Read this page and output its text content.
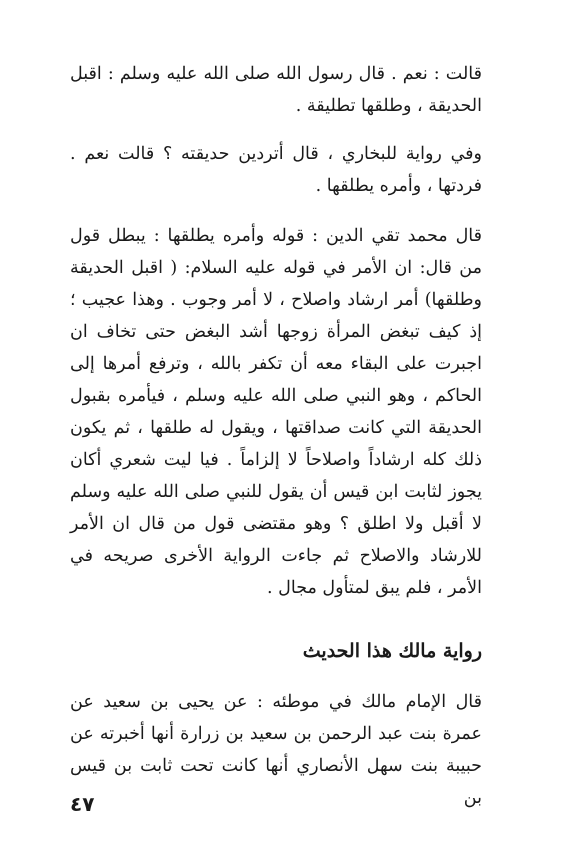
قالت : نعم . قال رسول الله صلى الله عليه وسلم : اقبل الحديقة ، وطلقها تطليقة .

وفي رواية للبخاري ، قال أتردين حديقته ؟ قالت نعم . فردتها ، وأمره يطلقها .

قال محمد تقي الدين : قوله وأمره يطلقها : يبطل قول من قال: ان الأمر في قوله عليه السلام: ( اقبل الحديقة وطلقها) أمر ارشاد واصلاح ، لا أمر وجوب . وهذا عجيب ؛ إذ كيف تبغض المرأة زوجها أشد البغض حتى تخاف ان اجبرت على البقاء معه أن تكفر بالله ، وترفع أمرها إلى الحاكم ، وهو النبي صلى الله عليه وسلم ، فيأمره بقبول الحديقة التي كانت صداقتها ، ويقول له طلقها ، ثم يكون ذلك كله ارشاداً واصلاحاً لا إلزاماً . فيا ليت شعري أكان يجوز لثابت ابن قيس أن يقول للنبي صلى الله عليه وسلم لا أقبل ولا اطلق ؟ وهو مقتضى قول من قال ان الأمر للارشاد والاصلاح ثم جاءت الرواية الأخرى صريحه في الأمر ، فلم يبق لمتأول مجال .

رواية مالك هذا الحديث

قال الإمام مالك في موطئه : عن يحيى بن سعيد عن عمرة بنت عبد الرحمن بن سعيد بن زرارة أنها أخبرته عن حبيبة بنت سهل الأنصاري أنها كانت تحت ثابت بن قيس بن

٤٧
